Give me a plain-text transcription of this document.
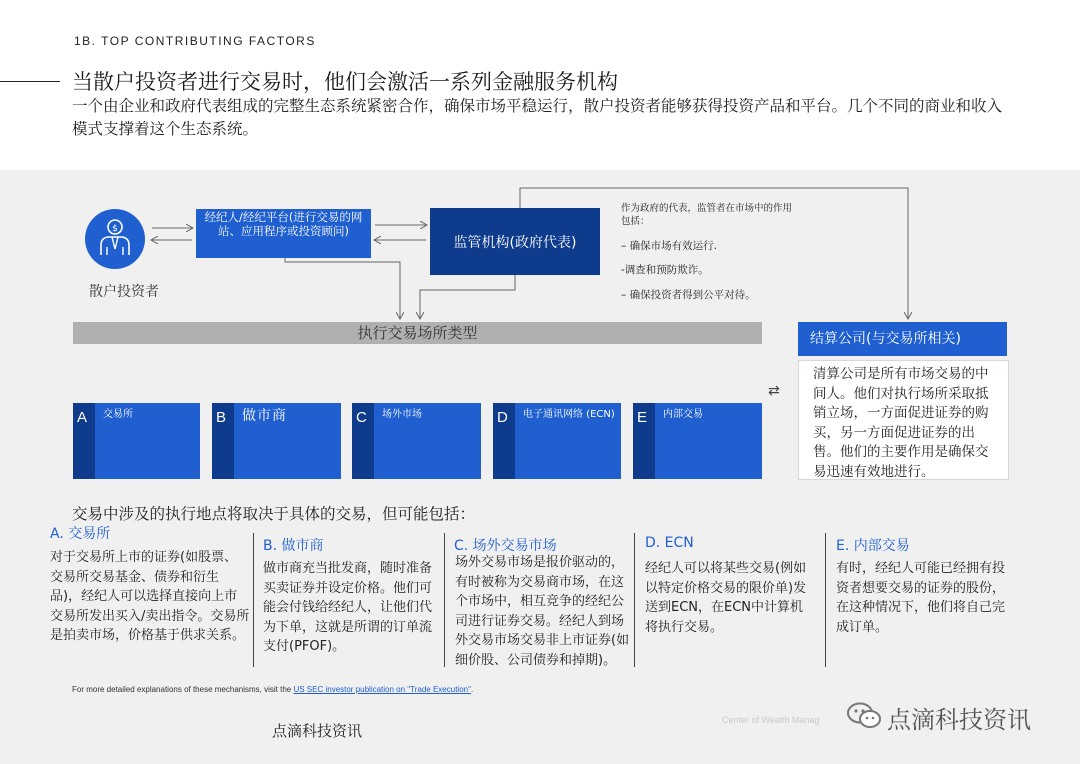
1B. TOP CONTRIBUTING FACTORS
当散户投资者进行交易时，他们会激活一系列金融服务机构
一个由企业和政府代表组成的完整生态系统紧密合作，确保市场平稳运行，散户投资者能够获得投资产品和平台。几个不同的商业和收入模式支撑着这个生态系统。
$
散户投资者
经纪人/经纪平台(进行交易的网站、应用程序或投资顾问)
监管机构(政府代表)
作为政府的代表，监管者在市场中的作用包括：
– 确保市场有效运行.
-调查和预防欺诈。
– 确保投资者得到公平对待。
执行交易场所类型
A 交易所	B 做市商	C 场外市场	D 电子通讯网络 (ECN) E 内部交易
⇄
结算公司(与交易所相关)
清算公司是所有市场交易的中间人。他们对执行场所采取抵销立场，一方面促进证券的购买，另一方面促进证券的出售。他们的主要作用是确保交易迅速有效地进行。
交易中涉及的执行地点将取决于具体的交易，但可能包括：
A. 交易所
对于交易所上市的证券(如股票、交易所交易基金、债券和衍生品)，经纪人可以选择直接向上市交易所发出买入/卖出指令。交易所是拍卖市场，价格基于供求关系。
B. 做市商
做市商充当批发商，随时准备买卖证券并设定价格。他们可能会付钱给经纪人，让他们代为下单，这就是所谓的订单流支付(PFOF)。
C. 场外交易市场
场外交易市场是报价驱动的，有时被称为交易商市场，在这个市场中，相互竞争的经纪公司进行证券交易。经纪人到场外交易市场交易非上市证券(如细价股、公司债券和掉期)。
D. ECN
经纪人可以将某些交易(例如以特定价格交易的限价单)发送到ECN，在ECN中计算机将执行交易。
E. 内部交易
有时，经纪人可能已经拥有投资者想要交易的证券的股份，在这种情况下，他们将自己完成订单。
For more detailed explanations of these mechanisms, visit the US SEC investor publication on "Trade Execution".
点滴科技资讯
Center of Wealth Manag	点滴科技资讯
